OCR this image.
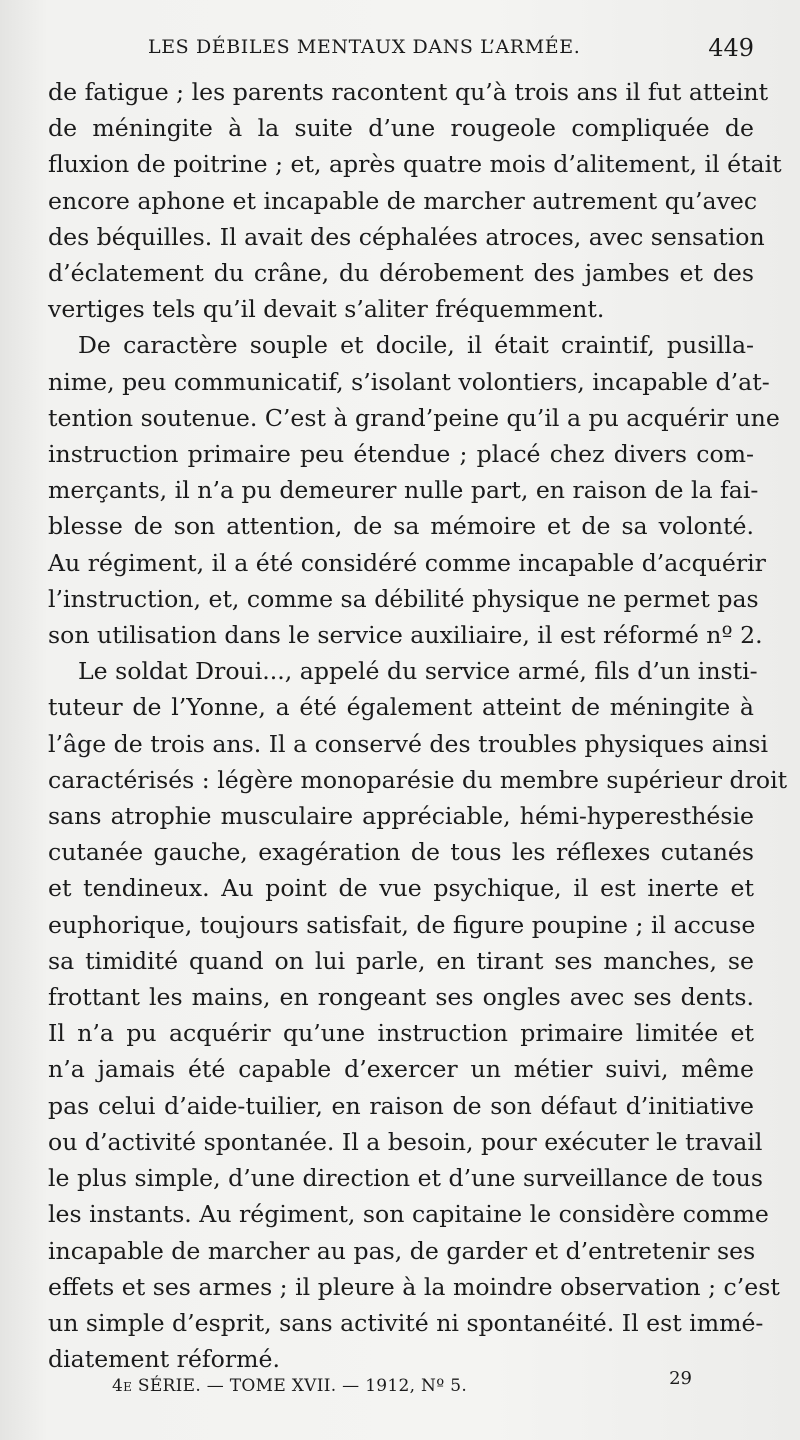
LES DÉBILES MENTAUX DANS L’ARMÉE.	449
de fatigue ; les parents racontent qu’à trois ans il fut atteint
de méningite à la suite d’une rougeole compliquée de
fluxion de poitrine ; et, après quatre mois d’alitement, il était
encore aphone et incapable de marcher autrement qu’avec
des béquilles. Il avait des céphalées atroces, avec sensation
d’éclatement du crâne, du dérobement des jambes et des
vertiges tels qu’il devait s’aliter fréquemment.
De caractère souple et docile, il était craintif, pusilla-
nime, peu communicatif, s’isolant volontiers, incapable d’at-
tention soutenue. C’est à grand’peine qu’il a pu acquérir une
instruction primaire peu étendue ; placé chez divers com-
merçants, il n’a pu demeurer nulle part, en raison de la fai-
blesse de son attention, de sa mémoire et de sa volonté.
Au régiment, il a été considéré comme incapable d’acquérir
l’instruction, et, comme sa débilité physique ne permet pas
son utilisation dans le service auxiliaire, il est réformé nº 2.
Le soldat Droui..., appelé du service armé, fils d’un insti-
tuteur de l’Yonne, a été également atteint de méningite à
l’âge de trois ans. Il a conservé des troubles physiques ainsi
caractérisés : légère monoparésie du membre supérieur droit
sans atrophie musculaire appréciable, hémi-hyperesthésie
cutanée gauche, exagération de tous les réflexes cutanés
et tendineux. Au point de vue psychique, il est inerte et
euphorique, toujours satisfait, de figure poupine ; il accuse
sa timidité quand on lui parle, en tirant ses manches, se
frottant les mains, en rongeant ses ongles avec ses dents.
Il n’a pu acquérir qu’une instruction primaire limitée et
n’a jamais été capable d’exercer un métier suivi, même
pas celui d’aide-tuilier, en raison de son défaut d’initiative
ou d’activité spontanée. Il a besoin, pour exécuter le travail
le plus simple, d’une direction et d’une surveillance de tous
les instants. Au régiment, son capitaine le considère comme
incapable de marcher au pas, de garder et d’entretenir ses
effets et ses armes ; il pleure à la moindre observation ; c’est
un simple d’esprit, sans activité ni spontanéité. Il est immé-
diatement réformé.
4e SÉRIE. — TOME XVII. — 1912, Nº 5.	29
